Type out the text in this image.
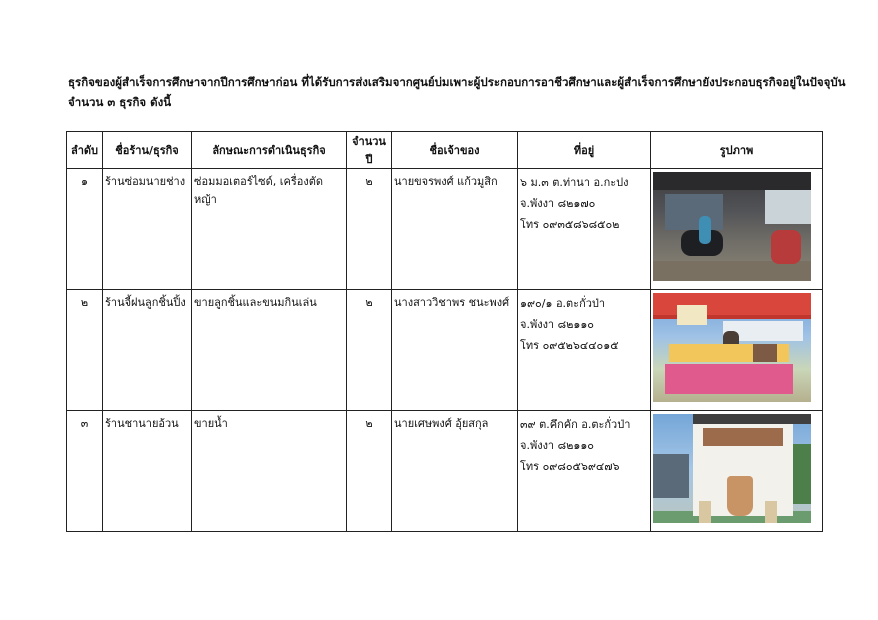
ธุรกิจของผู้สำเร็จการศึกษาจากปีการศึกษาก่อน ที่ได้รับการส่งเสริมจากศูนย์บ่มเพาะผู้ประกอบการอาชีวศึกษาและผู้สำเร็จการศึกษายังประกอบธุรกิจอยู่ในปัจจุบัน
จำนวน ๓ ธุรกิจ ดังนี้
ลำดับ	ชื่อร้าน/ธุรกิจ	ลักษณะการดำเนินธุรกิจ	จำนวนปี	ชื่อเจ้าของ	ที่อยู่	รูปภาพ
๑	ร้านซ่อมนายช่าง	ซ่อมมอเตอร์ไซด์, เครื่องตัดหญ้า	๒	นายขจรพงศ์ แก้วมูสิก	๖ ม.๓ ต.ท่านา อ.กะปง
จ.พังงา ๘๒๑๗๐
โทร ๐๙๓๕๘๖๘๕๐๒	

๒	ร้านจี้ฝนลูกชิ้นปิ้ง	ขายลูกชิ้นและขนมกินเล่น	๒	นางสาววิชาพร ชนะพงศ์	๑๙๐/๑ อ.ตะกั่วป่า
จ.พังงา ๘๒๑๑๐
โทร ๐๙๕๒๖๔๔๐๑๕	

๓	ร้านชานายอ้วน	ขายน้ำ	๒	นายเศษพงศ์ อุ้ยสกุล	๓๙ ต.คึกคัก อ.ตะกั่วป่า
จ.พังงา ๘๒๑๑๐
โทร ๐๙๘๐๕๖๙๔๗๖	
